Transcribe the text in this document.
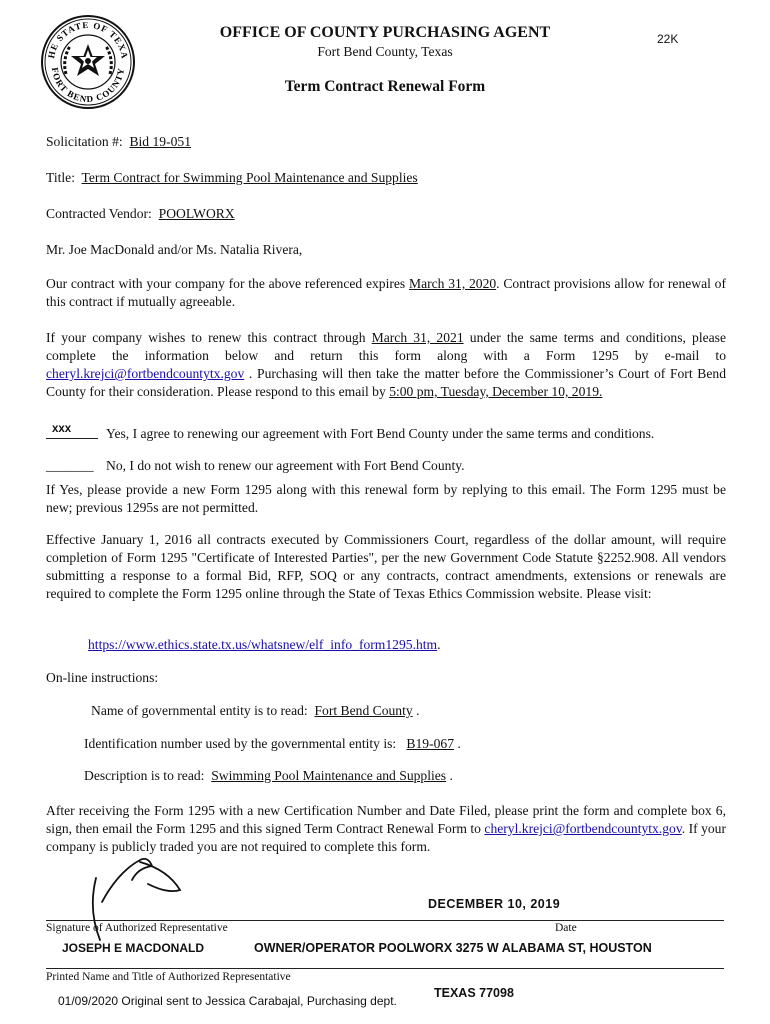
HE STATE OF TEXA
FORT BEND COUNTY
OFFICE OF COUNTY PURCHASING AGENT
Fort Bend County, Texas
22K
Term Contract Renewal Form
Solicitation #: Bid 19-051
Title: Term Contract for Swimming Pool Maintenance and Supplies
Contracted Vendor: POOLWORX
Mr. Joe MacDonald and/or Ms. Natalia Rivera,
Our contract with your company for the above referenced expires March 31, 2020. Contract provisions allow for renewal of this contract if mutually agreeable.
If your company wishes to renew this contract through March 31, 2021 under the same terms and conditions, please complete the information below and return this form along with a Form 1295 by e-mail to cheryl.krejci@fortbendcountytx.gov . Purchasing will then take the matter before the Commissioner’s Court of Fort Bend County for their consideration. Please respond to this email by 5:00 pm, Tuesday, December 10, 2019.
xxx	Yes, I agree to renewing our agreement with Fort Bend County under the same terms and conditions.
_______ No, I do not wish to renew our agreement with Fort Bend County.
If Yes, please provide a new Form 1295 along with this renewal form by replying to this email. The Form 1295 must be new; previous 1295s are not permitted.
Effective January 1, 2016 all contracts executed by Commissioners Court, regardless of the dollar amount, will require completion of Form 1295 "Certificate of Interested Parties", per the new Government Code Statute §2252.908. All vendors submitting a response to a formal Bid, RFP, SOQ or any contracts, contract amendments, extensions or renewals are required to complete the Form 1295 online through the State of Texas Ethics Commission website. Please visit:
https://www.ethics.state.tx.us/whatsnew/elf_info_form1295.htm.
On-line instructions:
Name of governmental entity is to read: Fort Bend County .
Identification number used by the governmental entity is: B19-067 .
Description is to read: Swimming Pool Maintenance and Supplies .
After receiving the Form 1295 with a new Certification Number and Date Filed, please print the form and complete box 6, sign, then email the Form 1295 and this signed Term Contract Renewal Form to cheryl.krejci@fortbendcountytx.gov. If your company is publicly traded you are not required to complete this form.
DECEMBER 10, 2019
Signature of Authorized Representative	Date
JOSEPH E MACDONALD	OWNER/OPERATOR POOLWORX 3275 W ALABAMA ST, HOUSTON
Printed Name and Title of Authorized Representative
TEXAS 77098
01/09/2020 Original sent to Jessica Carabajal, Purchasing dept.
